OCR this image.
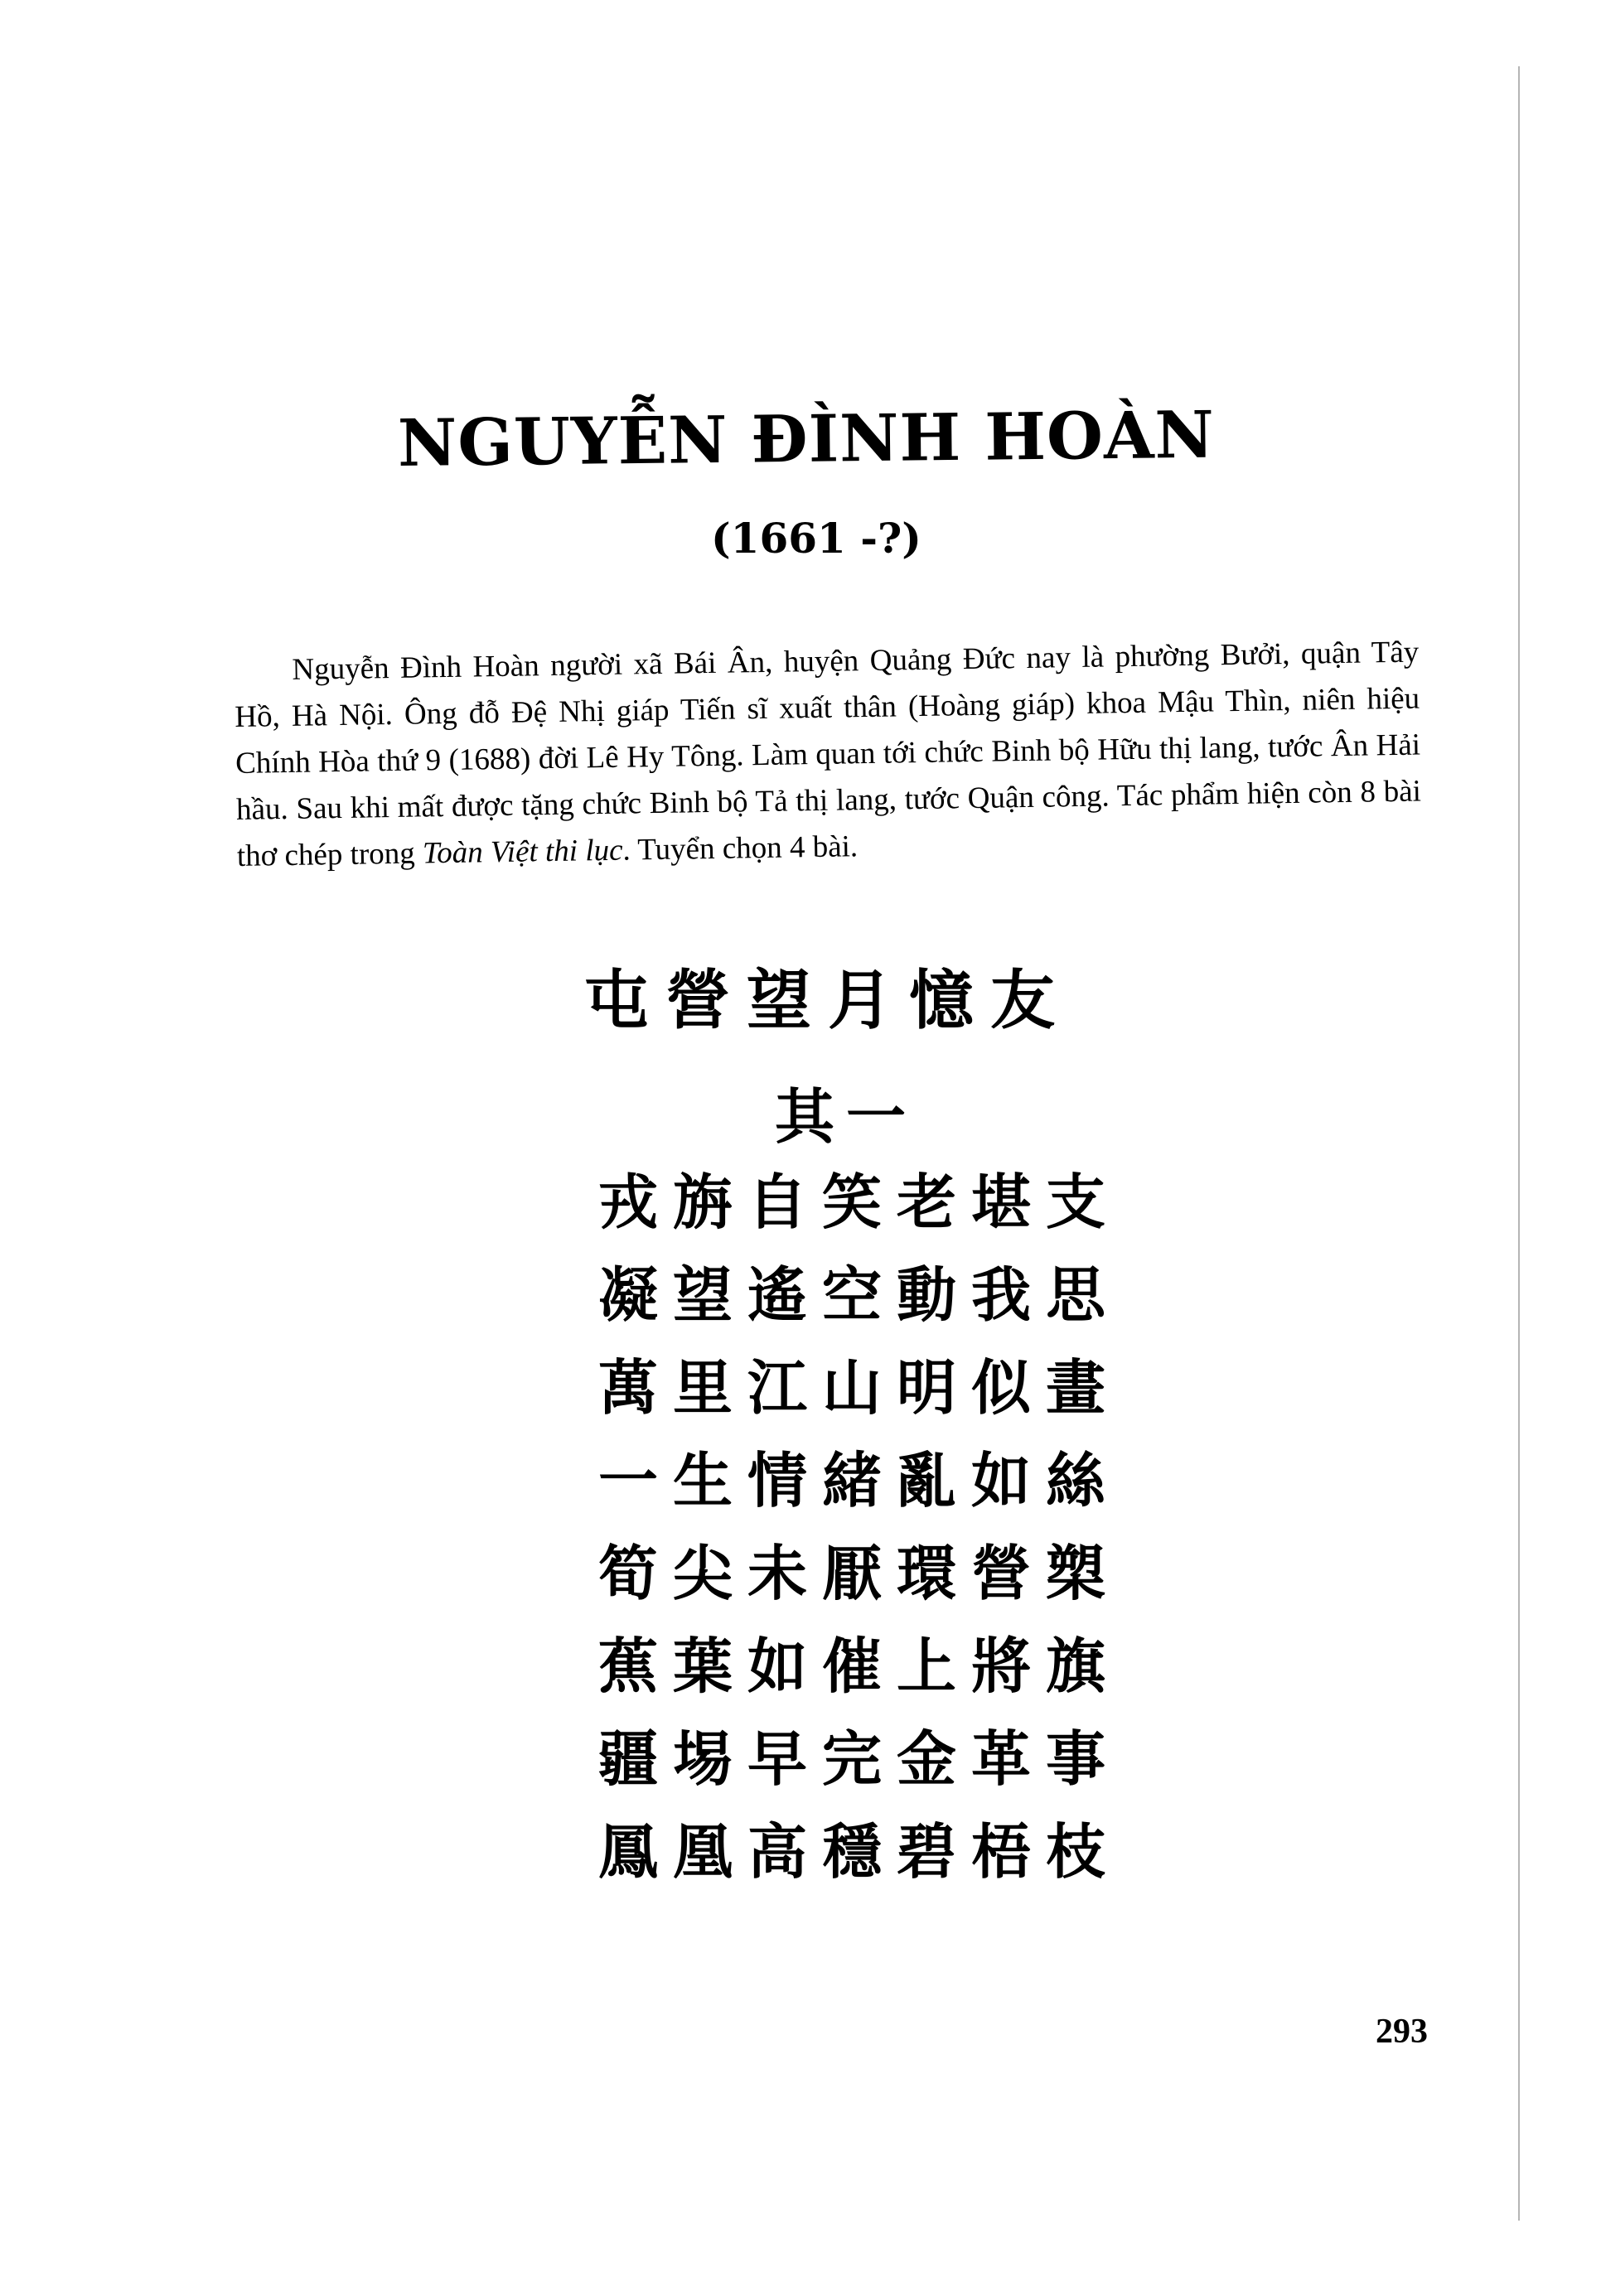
NGUYỄN ĐÌNH HOÀN
(1661 -?)

Nguyễn Đình Hoàn người xã Bái Ân, huyện Quảng Đức nay là phường Bưởi, quận Tây Hồ, Hà Nội. Ông đỗ Đệ Nhị giáp Tiến sĩ xuất thân (Hoàng giáp) khoa Mậu Thìn, niên hiệu Chính Hòa thứ 9 (1688) đời Lê Hy Tông. Làm quan tới chức Binh bộ Hữu thị lang, tước Ân Hải hầu. Sau khi mất được tặng chức Binh bộ Tả thị lang, tước Quận công. Tác phẩm hiện còn 8 bài thơ chép trong Toàn Việt thi lục. Tuyển chọn 4 bài.

屯營望月憶友
其一
戎旃自笑老堪支
凝望遙空動我思
萬里江山明似畫
一生情緒亂如絲
筍尖未厭環營槊
蕉葉如催上將旗
疆埸早完金革事
鳳凰高穩碧梧枝
293
